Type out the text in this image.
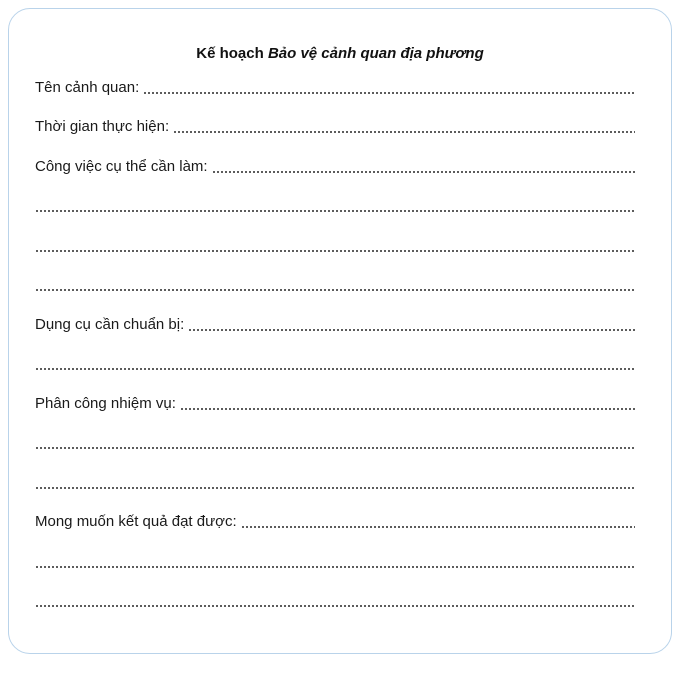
Kế hoạch Bảo vệ cảnh quan địa phương
Tên cảnh quan:
Thời gian thực hiện:
Công việc cụ thể cần làm:
Dụng cụ cần chuẩn bị:
Phân công nhiệm vụ:
Mong muốn kết quả đạt được:
